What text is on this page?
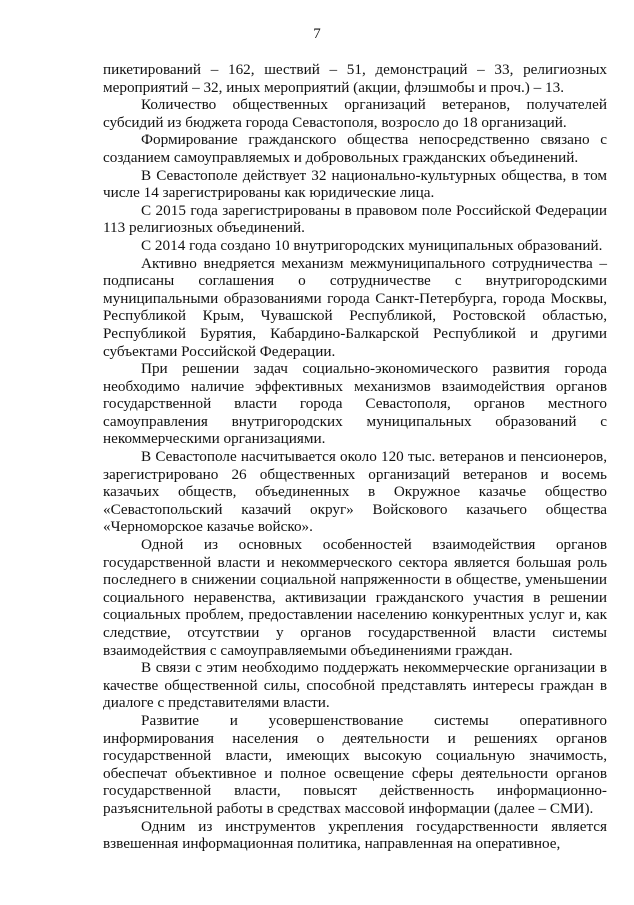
7

пикетирований – 162, шествий – 51, демонстраций – 33, религиозных мероприятий – 32, иных мероприятий (акции, флэшмобы и проч.) – 13.

Количество общественных организаций ветеранов, получателей субсидий из бюджета города Севастополя, возросло до 18 организаций.

Формирование гражданского общества непосредственно связано с созданием самоуправляемых и добровольных гражданских объединений.

В Севастополе действует 32 национально-культурных общества, в том числе 14 зарегистрированы как юридические лица.

С 2015 года зарегистрированы в правовом поле Российской Федерации 113 религиозных объединений.

С 2014 года создано 10 внутригородских муниципальных образований.

Активно внедряется механизм межмуниципального сотрудничества – подписаны соглашения о сотрудничестве с внутригородскими муниципальными образованиями города Санкт-Петербурга, города Москвы, Республикой Крым, Чувашской Республикой, Ростовской областью, Республикой Бурятия, Кабардино-Балкарской Республикой и другими субъектами Российской Федерации.

При решении задач социально-экономического развития города необходимо наличие эффективных механизмов взаимодействия органов государственной власти города Севастополя, органов местного самоуправления внутригородских муниципальных образований с некоммерческими организациями.

В Севастополе насчитывается около 120 тыс. ветеранов и пенсионеров, зарегистрировано 26 общественных организаций ветеранов и восемь казачьих обществ, объединенных в Окружное казачье общество «Севастопольский казачий округ» Войскового казачьего общества «Черноморское казачье войско».

Одной из основных особенностей взаимодействия органов государственной власти и некоммерческого сектора является большая роль последнего в снижении социальной напряженности в обществе, уменьшении социального неравенства, активизации гражданского участия в решении социальных проблем, предоставлении населению конкурентных услуг и, как следствие, отсутствии у органов государственной власти системы взаимодействия с самоуправляемыми объединениями граждан.

В связи с этим необходимо поддержать некоммерческие организации в качестве общественной силы, способной представлять интересы граждан в диалоге с представителями власти.

Развитие и усовершенствование системы оперативного информирования населения о деятельности и решениях органов государственной власти, имеющих высокую социальную значимость, обеспечат объективное и полное освещение сферы деятельности органов государственной власти, повысят действенность информационно-разъяснительной работы в средствах массовой информации (далее – СМИ).

Одним из инструментов укрепления государственности является взвешенная информационная политика, направленная на оперативное,
